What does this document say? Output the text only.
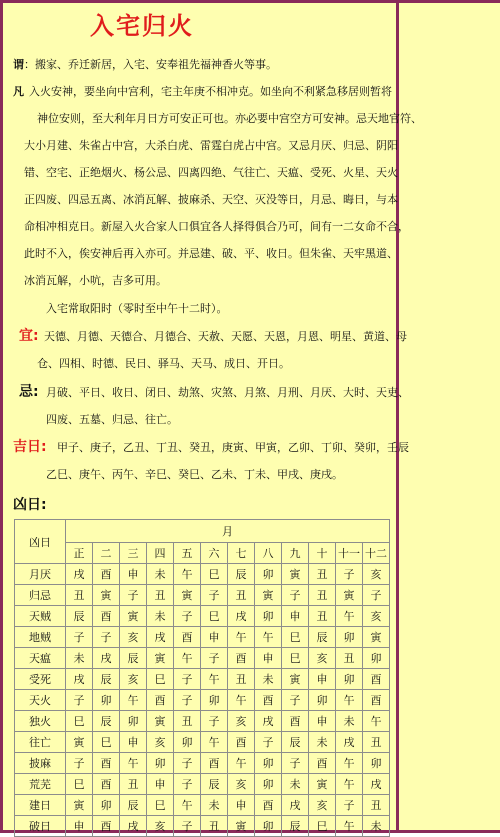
入宅归火
谓：搬家、乔迁新居，入宅、安奉祖先福神香火等事。
凡 入火安神，要坐向中宫利，宅主年庚不相冲克。如坐向不利紧急移居则暂将
神位安则，至大利年月日方可安正可也。亦必要中宫空方可安神。忌天地官符、
大小月建、朱雀占中宫，大杀白虎、雷霆白虎占中宫。又忌月厌、归忌、阴阳
错、空宅、正绝烟火、杨公忌、四离四绝、气往亡、天瘟、受死、火星、天火
正四废、四忌五离、冰消瓦解、披麻杀、天空、灭没等日，月忌、晦日，与本
命相冲相克日。新屋入火合家人口俱宜各人择得俱合乃可，间有一二女命不合，
此时不入，俟安神后再入亦可。并忌建、破、平、收日。但朱雀、天牢黑道、
冰消瓦解，小吭，吉多可用。
入宅常取阳时（零时至中午十二时）。
宜: 天德、月德、天德合、月德合、天赦、天愿、天恩，月恩、明星、黄道、母
仓、四相、时德、民日、驿马、天马、成日、开日。
忌: 月破、平日、收日、闭日、劫煞、灾煞、月煞、月刑、月厌、大时、天吏、
四废、五墓、归忌、往亡。
吉日: 甲子、庚子，乙丑、丁丑、癸丑，庚寅、甲寅，乙卯、丁卯、癸卯，壬辰
乙巳、庚午、丙午、辛巳、癸巳、乙未、丁未、甲戌、庚戌。
凶日:
凶日	月											
	正	二	三	四	五	六	七	八	九	十	十一	十二
月厌	戌	酉	申	未	午	巳	辰	卯	寅	丑	子	亥
归忌	丑	寅	子	丑	寅	子	丑	寅	子	丑	寅	子
天贼	辰	酉	寅	未	子	巳	戌	卯	申	丑	午	亥
地贼	子	子	亥	戌	酉	申	午	午	巳	辰	卯	寅
天瘟	未	戌	辰	寅	午	子	酉	申	巳	亥	丑	卯
受死	戌	辰	亥	巳	子	午	丑	未	寅	申	卯	酉
天火	子	卯	午	酉	子	卯	午	酉	子	卯	午	酉
独火	巳	辰	卯	寅	丑	子	亥	戌	酉	申	未	午
往亡	寅	巳	申	亥	卯	午	酉	子	辰	未	戌	丑
披麻	子	酉	午	卯	子	酉	午	卯	子	酉	午	卯
荒芜	巳	酉	丑	申	子	辰	亥	卯	未	寅	午	戌
建日	寅	卯	辰	巳	午	未	申	酉	戌	亥	子	丑
破日	申	酉	戌	亥	子	丑	寅	卯	辰	巳	午	未
